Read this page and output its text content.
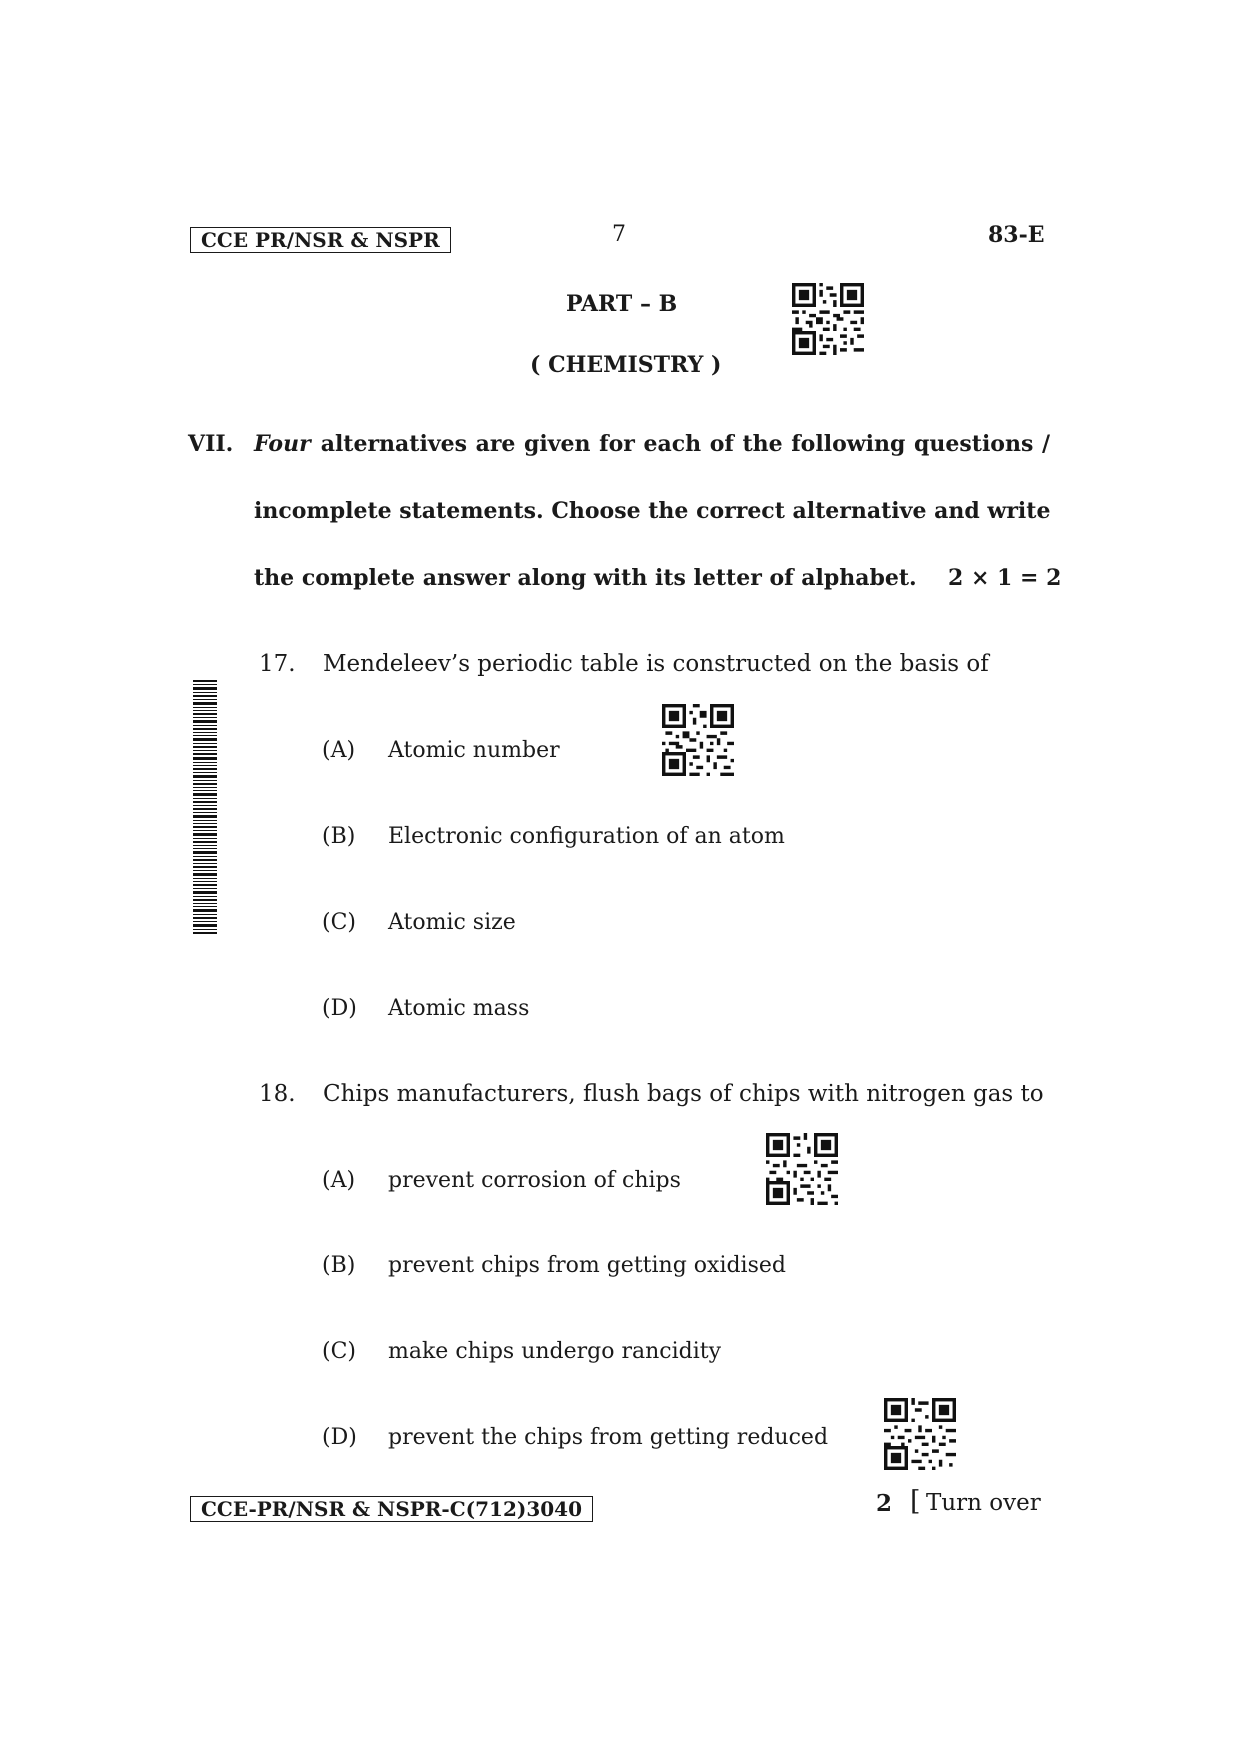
CCE PR/NSR & NSPR	7	83-E
PART – B
( CHEMISTRY )
VII. Four alternatives are given for each of the following questions /
incomplete statements. Choose the correct alternative and write
the complete answer along with its letter of alphabet. 2 × 1 = 2
17. Mendeleev’s periodic table is constructed on the basis of
(A) Atomic number
(B) Electronic configuration of an atom
(C) Atomic size
(D) Atomic mass
18. Chips manufacturers, flush bags of chips with nitrogen gas to
(A) prevent corrosion of chips
(B) prevent chips from getting oxidised
(C) make chips undergo rancidity
(D) prevent the chips from getting reduced
CCE-PR/NSR & NSPR-C(712)3040	2 [ Turn over
